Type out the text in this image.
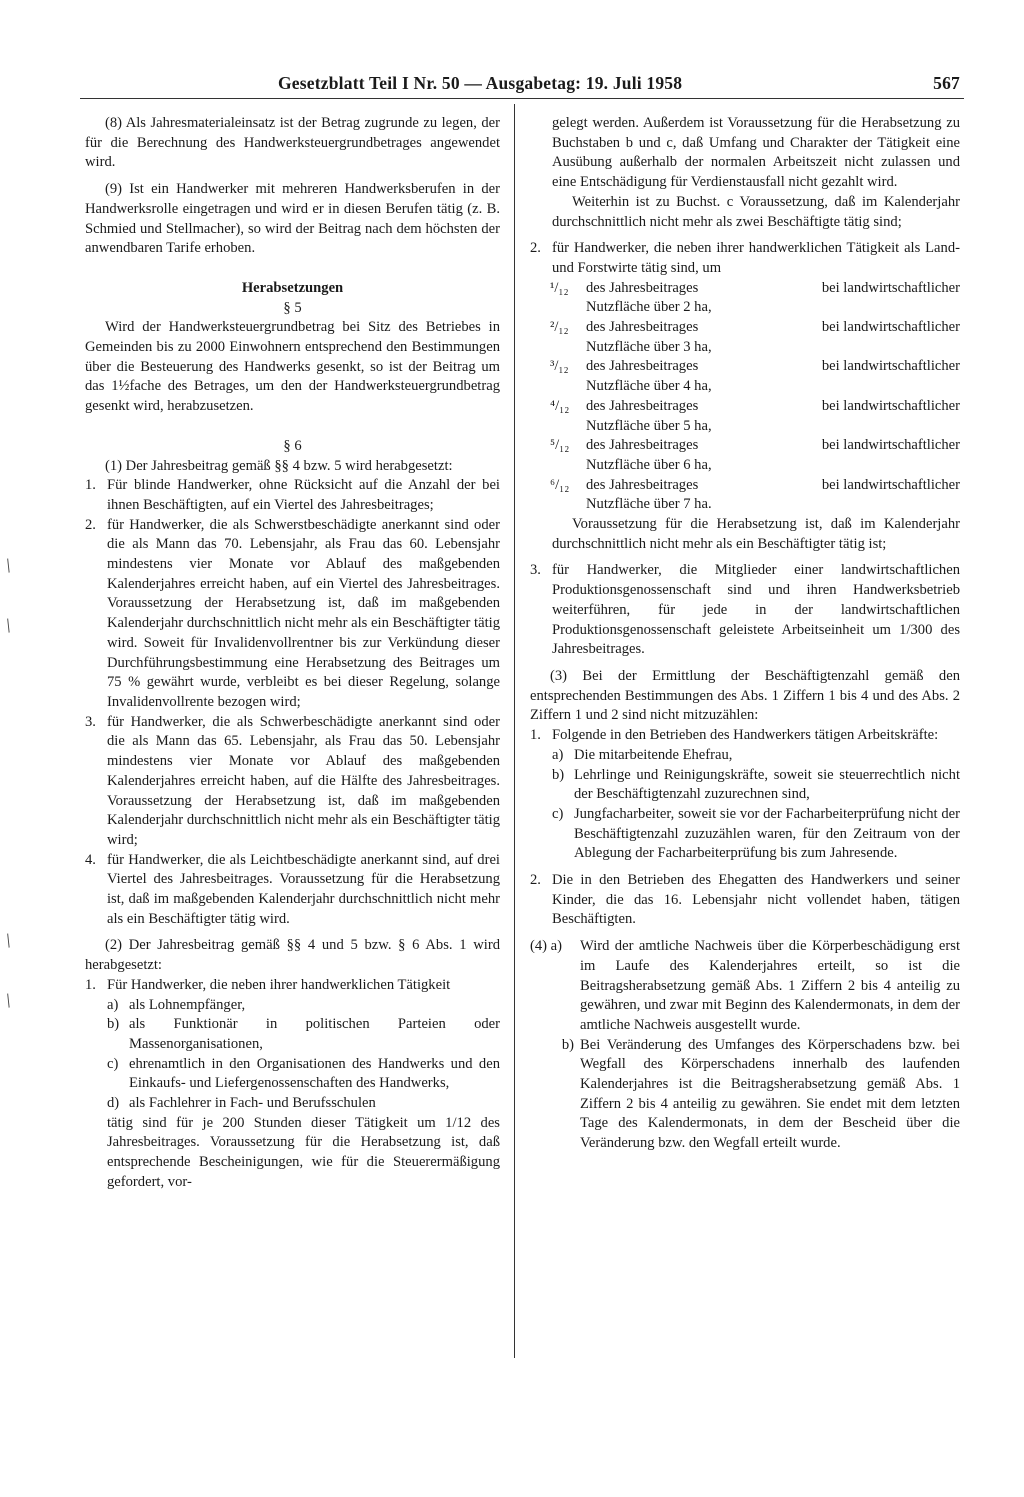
Gesetzblatt Teil I Nr. 50 — Ausgabetag: 19. Juli 1958	567
/
/
/
/

(8) Als Jahresmaterialeinsatz ist der Betrag zugrunde zu legen, der für die Berechnung des Handwerksteuergrundbetrages angewendet wird.

(9) Ist ein Handwerker mit mehreren Handwerksberufen in der Handwerksrolle eingetragen und wird er in diesen Berufen tätig (z. B. Schmied und Stellmacher), so wird der Beitrag nach dem höchsten der anwendbaren Tarife erhoben.

Herabsetzungen

§ 5

Wird der Handwerksteuergrundbetrag bei Sitz des Betriebes in Gemeinden bis zu 2000 Einwohnern entsprechend den Bestimmungen über die Besteuerung des Handwerks gesenkt, so ist der Beitrag um das 1½fache des Betrages, um den der Handwerksteuergrundbetrag gesenkt wird, herabzusetzen.

§ 6

(1) Der Jahresbeitrag gemäß §§ 4 bzw. 5 wird herabgesetzt:

1. Für blinde Handwerker, ohne Rücksicht auf die Anzahl der bei ihnen Beschäftigten, auf ein Viertel des Jahresbeitrages;
2. für Handwerker, die als Schwerstbeschädigte anerkannt sind oder die als Mann das 70. Lebensjahr, als Frau das 60. Lebensjahr mindestens vier Monate vor Ablauf des maßgebenden Kalenderjahres erreicht haben, auf ein Viertel des Jahresbeitrages. Voraussetzung der Herabsetzung ist, daß im maßgebenden Kalenderjahr durchschnittlich nicht mehr als ein Beschäftigter tätig wird. Soweit für Invalidenvollrentner bis zur Verkündung dieser Durchführungsbestimmung eine Herabsetzung des Beitrages um 75 % gewährt wurde, verbleibt es bei dieser Regelung, solange Invalidenvollrente bezogen wird;
3. für Handwerker, die als Schwerbeschädigte anerkannt sind oder die als Mann das 65. Lebensjahr, als Frau das 50. Lebensjahr mindestens vier Monate vor Ablauf des maßgebenden Kalenderjahres erreicht haben, auf die Hälfte des Jahresbeitrages. Voraussetzung der Herabsetzung ist, daß im maßgebenden Kalenderjahr durchschnittlich nicht mehr als ein Beschäftigter tätig wird;
4. für Handwerker, die als Leichtbeschädigte anerkannt sind, auf drei Viertel des Jahresbeitrages. Voraussetzung für die Herabsetzung ist, daß im maßgebenden Kalenderjahr durchschnittlich nicht mehr als ein Beschäftigter tätig wird.

(2) Der Jahresbeitrag gemäß §§ 4 und 5 bzw. § 6 Abs. 1 wird herabgesetzt:

1. Für Handwerker, die neben ihrer handwerklichen Tätigkeit
a) als Lohnempfänger,
b) als Funktionär in politischen Parteien oder Massenorganisationen,
c) ehrenamtlich in den Organisationen des Handwerks und den Einkaufs- und Liefergenossenschaften des Handwerks,
d) als Fachlehrer in Fach- und Berufsschulen

tätig sind für je 200 Stunden dieser Tätigkeit um 1/12 des Jahresbeitrages. Voraussetzung für die Herabsetzung ist, daß entsprechende Bescheinigungen, wie für die Steuerermäßigung gefordert, vor-

gelegt werden. Außerdem ist Voraussetzung für die Herabsetzung zu Buchstaben b und c, daß Umfang und Charakter der Tätigkeit eine Ausübung außerhalb der normalen Arbeitszeit nicht zulassen und eine Entschädigung für Verdienstausfall nicht gezahlt wird.

Weiterhin ist zu Buchst. c Voraussetzung, daß im Kalenderjahr durchschnittlich nicht mehr als zwei Beschäftigte tätig sind;

2. für Handwerker, die neben ihrer handwerklichen Tätigkeit als Land- und Forstwirte tätig sind, um
¹/₁₂	des Jahresbeitrages	bei landwirtschaftlicher
Nutzfläche über 2 ha,
²/₁₂	des Jahresbeitrages	bei landwirtschaftlicher
Nutzfläche über 3 ha,
³/₁₂	des Jahresbeitrages	bei landwirtschaftlicher
Nutzfläche über 4 ha,
⁴/₁₂	des Jahresbeitrages	bei landwirtschaftlicher
Nutzfläche über 5 ha,
⁵/₁₂	des Jahresbeitrages	bei landwirtschaftlicher
Nutzfläche über 6 ha,
⁶/₁₂	des Jahresbeitrages	bei landwirtschaftlicher
Nutzfläche über 7 ha.

Voraussetzung für die Herabsetzung ist, daß im Kalenderjahr durchschnittlich nicht mehr als ein Beschäftigter tätig ist;

3. für Handwerker, die Mitglieder einer landwirtschaftlichen Produktionsgenossenschaft sind und ihren Handwerksbetrieb weiterführen, für jede in der landwirtschaftlichen Produktionsgenossenschaft geleistete Arbeitseinheit um 1/300 des Jahresbeitrages.

(3) Bei der Ermittlung der Beschäftigtenzahl gemäß den entsprechenden Bestimmungen des Abs. 1 Ziffern 1 bis 4 und des Abs. 2 Ziffern 1 und 2 sind nicht mitzuzählen:

1. Folgende in den Betrieben des Handwerkers tätigen Arbeitskräfte:
a) Die mitarbeitende Ehefrau,
b) Lehrlinge und Reinigungskräfte, soweit sie steuerrechtlich nicht der Beschäftigtenzahl zuzurechnen sind,
c) Jungfacharbeiter, soweit sie vor der Facharbeiterprüfung nicht der Beschäftigtenzahl zuzuzählen waren, für den Zeitraum von der Ablegung der Facharbeiterprüfung bis zum Jahresende.
2. Die in den Betrieben des Ehegatten des Handwerkers und seiner Kinder, die das 16. Lebensjahr nicht vollendet haben, tätigen Beschäftigten.
(4) a)	Wird der amtliche Nachweis über die Körperbeschädigung erst im Laufe des Kalenderjahres erteilt, so ist die Beitragsherabsetzung gemäß Abs. 1 Ziffern 2 bis 4 anteilig zu gewähren, und zwar mit Beginn des Kalendermonats, in dem der amtliche Nachweis ausgestellt wurde.
b) Bei Veränderung des Umfanges des Körperschadens bzw. bei Wegfall des Körperschadens innerhalb des laufenden Kalenderjahres ist die Beitragsherabsetzung gemäß Abs. 1 Ziffern 2 bis 4 anteilig zu gewähren. Sie endet mit dem letzten Tage des Kalendermonats, in dem der Bescheid über die Veränderung bzw. den Wegfall erteilt wurde.
